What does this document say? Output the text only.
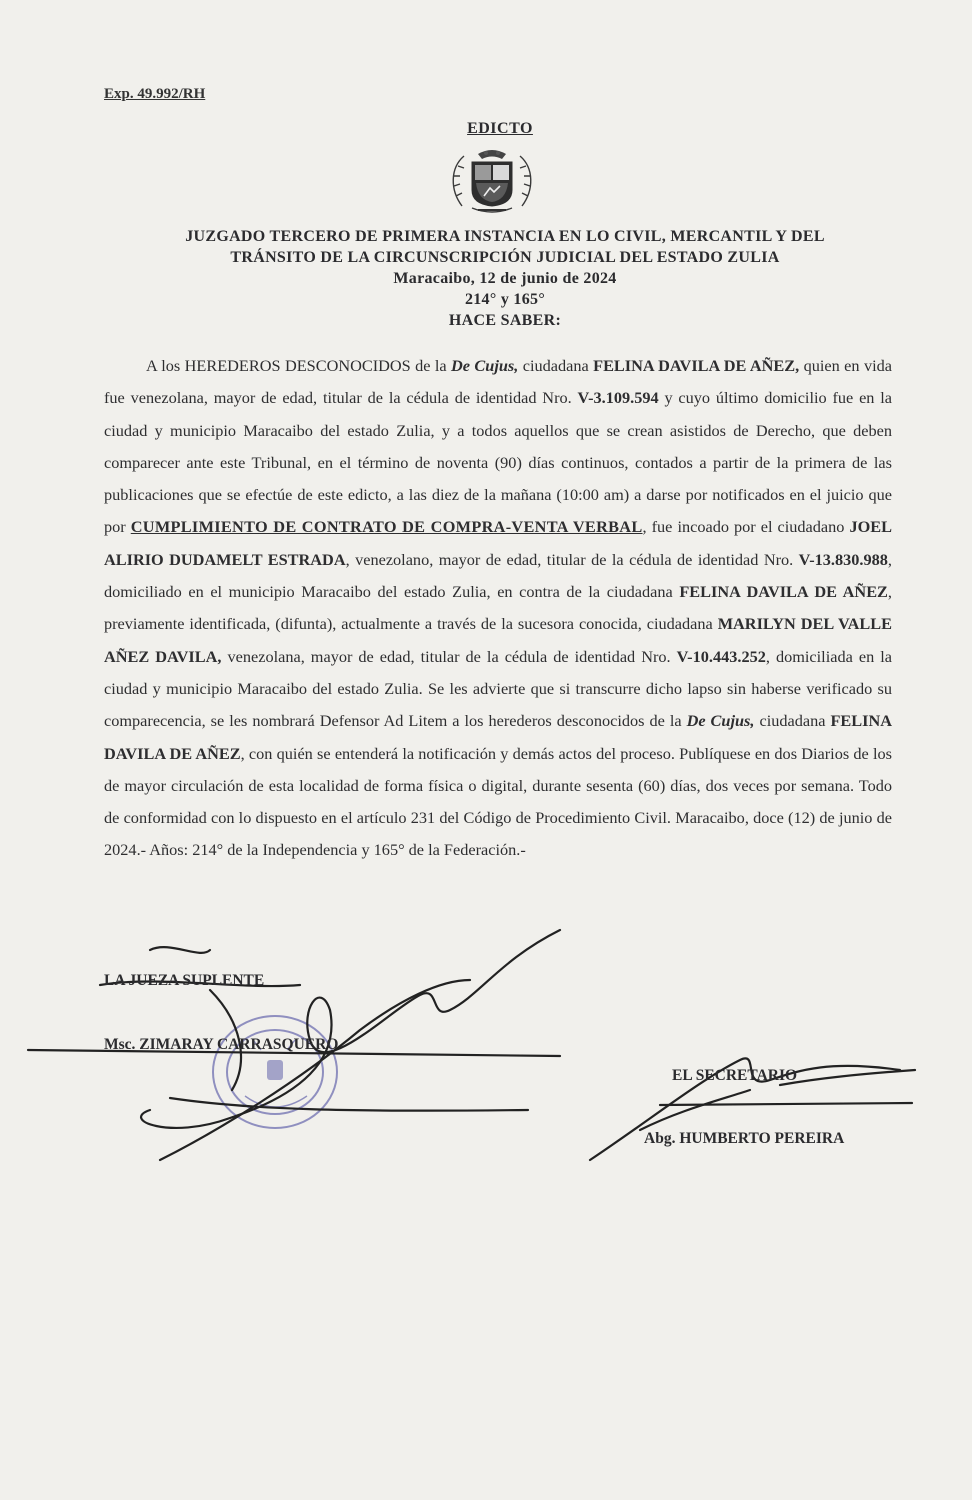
Exp. 49.992/RH
EDICTO
JUZGADO TERCERO DE PRIMERA INSTANCIA EN LO CIVIL, MERCANTIL Y DEL
TRÁNSITO DE LA CIRCUNSCRIPCIÓN JUDICIAL DEL ESTADO ZULIA
Maracaibo, 12 de junio de 2024
214° y 165°
HACE SABER:

A los HEREDEROS DESCONOCIDOS de la De Cujus, ciudadana FELINA DAVILA DE AÑEZ, quien en vida fue venezolana, mayor de edad, titular de la cédula de identidad Nro. V-3.109.594 y cuyo último domicilio fue en la ciudad y municipio Maracaibo del estado Zulia, y a todos aquellos que se crean asistidos de Derecho, que deben comparecer ante este Tribunal, en el término de noventa (90) días continuos, contados a partir de la primera de las publicaciones que se efectúe de este edicto, a las diez de la mañana (10:00 am) a darse por notificados en el juicio que por CUMPLIMIENTO DE CONTRATO DE COMPRA-VENTA VERBAL, fue incoado por el ciudadano JOEL ALIRIO DUDAMELT ESTRADA, venezolano, mayor de edad, titular de la cédula de identidad Nro. V-13.830.988, domiciliado en el municipio Maracaibo del estado Zulia, en contra de la ciudadana FELINA DAVILA DE AÑEZ, previamente identificada, (difunta), actualmente a través de la sucesora conocida, ciudadana MARILYN DEL VALLE AÑEZ DAVILA, venezolana, mayor de edad, titular de la cédula de identidad Nro. V-10.443.252, domiciliada en la ciudad y municipio Maracaibo del estado Zulia. Se les advierte que si transcurre dicho lapso sin haberse verificado su comparecencia, se les nombrará Defensor Ad Litem a los herederos desconocidos de la De Cujus, ciudadana FELINA DAVILA DE AÑEZ, con quién se entenderá la notificación y demás actos del proceso. Publíquese en dos Diarios de los de mayor circulación de esta localidad de forma física o digital, durante sesenta (60) días, dos veces por semana. Todo de conformidad con lo dispuesto en el artículo 231 del Código de Procedimiento Civil. Maracaibo, doce (12) de junio de 2024.- Años: 214° de la Independencia y 165° de la Federación.-

LA JUEZA SUPLENTE
Msc. ZIMARAY CARRASQUERO
EL SECRETARIO
Abg. HUMBERTO PEREIRA
